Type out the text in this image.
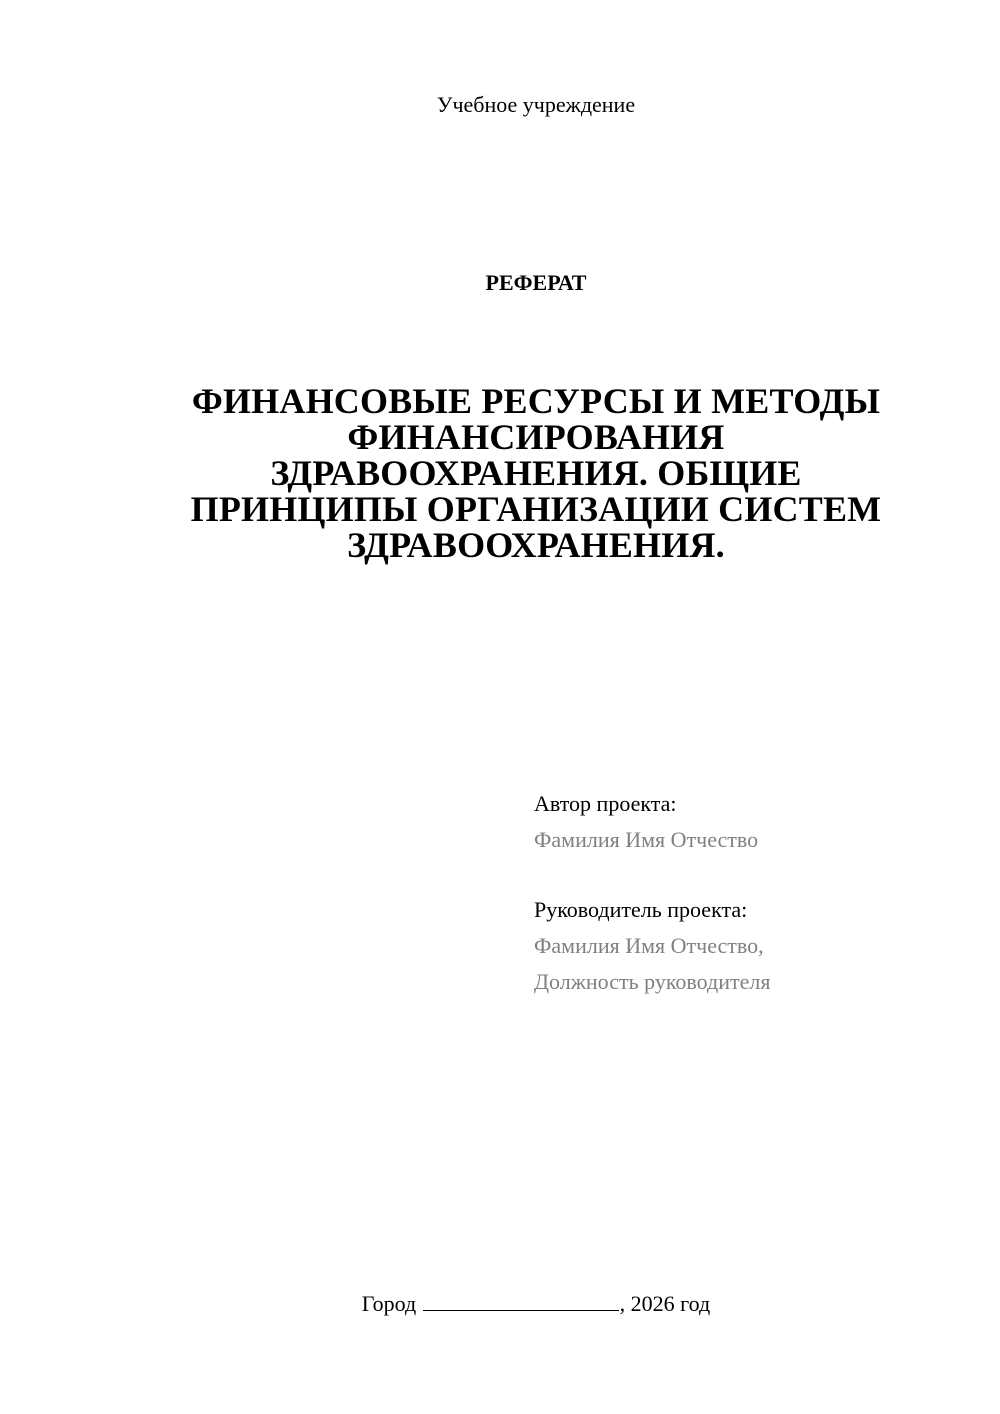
Учебное учреждение
РЕФЕРАТ
ФИНАНСОВЫЕ РЕСУРСЫ И МЕТОДЫ
ФИНАНСИРОВАНИЯ
ЗДРАВООХРАНЕНИЯ. ОБЩИЕ
ПРИНЦИПЫ ОРГАНИЗАЦИИ СИСТЕМ
ЗДРАВООХРАНЕНИЯ.
Автор проекта:
Фамилия Имя Отчество
Руководитель проекта:
Фамилия Имя Отчество,
Должность руководителя
Город	, 2026 год
